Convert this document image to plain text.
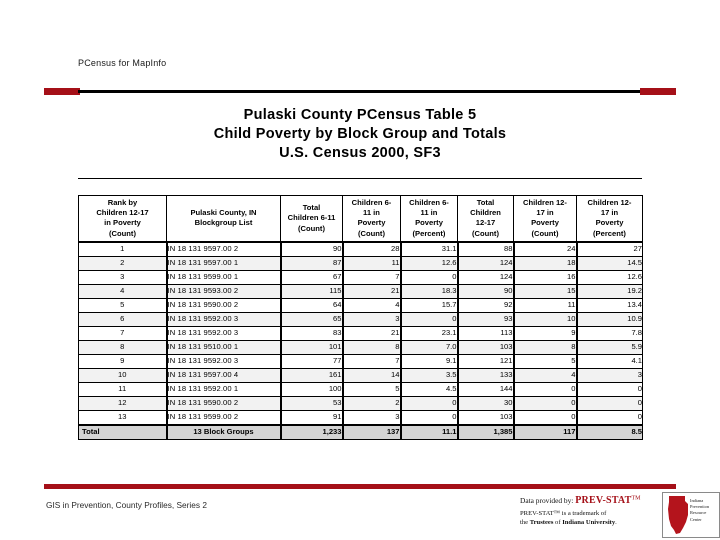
PCensus for MapInfo
Pulaski County PCensus Table 5
Child Poverty by Block Group and Totals
U.S. Census 2000, SF3
Rank by
Children 12-17
in Poverty
(Count)

Pulaski County, IN
Blockgroup List

Total
Children 6-11
(Count)

Children 6-
11 in
Poverty
(Count)

Children 6-
11 in
Poverty
(Percent)

Total
Children
12-17
(Count)

Children 12-
17 in
Poverty
(Count)

Children 12-
17 in
Poverty
(Percent)

1	IN 18 131 9597.00 2	90	28	31.1	88	24	27
2	IN 18 131 9597.00 1	87	11	12.6	124	18	14.5
3	IN 18 131 9599.00 1	67	7	0	124	16	12.6
4	IN 18 131 9593.00 2	115	21	18.3	90	15	19.2
5	IN 18 131 9590.00 2	64	4	15.7	92	11	13.4
6	IN 18 131 9592.00 3	65	3	0	93	10	10.9
7	IN 18 131 9592.00 3	83	21	23.1	113	9	7.8
8	IN 18 131 9510.00 1	101	8	7.0	103	8	5.9
9	IN 18 131 9592.00 3	77	7	9.1	121	5	4.1
10	IN 18 131 9597.00 4	161	14	3.5	133	4	3
11	IN 18 131 9592.00 1	100	5	4.5	144	0	0
12	IN 18 131 9590.00 2	53	2	0	30	0	0
13	IN 18 131 9599.00 2	91	3	0	103	0	0
Total	13 Block Groups	1,233	137	11.1	1,385	117	8.5
GIS in Prevention, County Profiles, Series 2	Data provided by: PREV-STAT™
PREV-STAT™ is a trademark of
the Trustees of Indiana University.
Indiana
Prevention
Resource
Center
